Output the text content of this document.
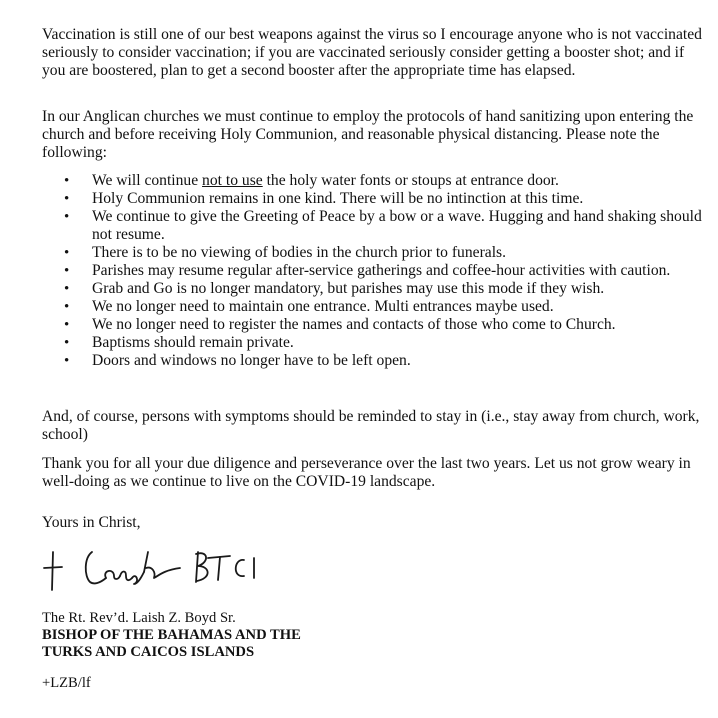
Vaccination is still one of our best weapons against the virus so I encourage anyone who is not vaccinated seriously to consider vaccination; if you are vaccinated seriously consider getting a booster shot; and if you are boostered, plan to get a second booster after the appropriate time has elapsed.

In our Anglican churches we must continue to employ the protocols of hand sanitizing upon entering the church and before receiving Holy Communion, and reasonable physical distancing. Please note the following:

• We will continue not to use the holy water fonts or stoups at entrance door.
• Holy Communion remains in one kind. There will be no intinction at this time.
• We continue to give the Greeting of Peace by a bow or a wave. Hugging and hand shaking should not resume.
• There is to be no viewing of bodies in the church prior to funerals.
• Parishes may resume regular after-service gatherings and coffee-hour activities with caution.
• Grab and Go is no longer mandatory, but parishes may use this mode if they wish.
• We no longer need to maintain one entrance. Multi entrances maybe used.
• We no longer need to register the names and contacts of those who come to Church.
• Baptisms should remain private.
• Doors and windows no longer have to be left open.

And, of course, persons with symptoms should be reminded to stay in (i.e., stay away from church, work, school)

Thank you for all your due diligence and perseverance over the last two years. Let us not grow weary in well-doing as we continue to live on the COVID-19 landscape.

Yours in Christ,

The Rt. Rev’d. Laish Z. Boyd Sr.
BISHOP OF THE BAHAMAS AND THE
TURKS AND CAICOS ISLANDS
+LZB/lf
